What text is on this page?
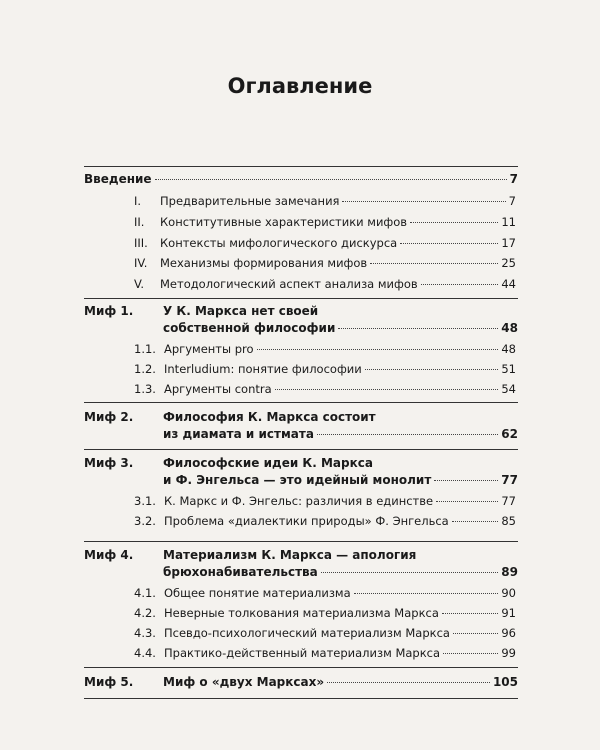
Оглавление
Введение	7
I. Предварительные замечания	7
II. Конститутивные характеристики мифов	11
III. Контексты мифологического дискурса	17
IV. Механизмы формирования мифов	25
V. Методологический аспект анализа мифов	44
Миф 1. У К. Маркса нет своей
собственной философии	48
1.1. Аргументы pro	48
1.2. Interludium: понятие философии	51
1.3. Аргументы contra	54
Миф 2. Философия К. Маркса состоит
из диамата и истмата	62
Миф 3. Философские идеи К. Маркса
и Ф. Энгельса — это идейный монолит	77
3.1. К. Маркс и Ф. Энгельс: различия в единстве	77
3.2. Проблема «диалектики природы» Ф. Энгельса	85
Миф 4. Материализм К. Маркса — апология
брюхонабивательства	89
4.1. Общее понятие материализма	90
4.2. Неверные толкования материализма Маркса	91
4.3. Псевдо-психологический материализм Маркса	96
4.4. Практико-действенный материализм Маркса	99
Миф 5. Миф о «двух Марксах»	105
